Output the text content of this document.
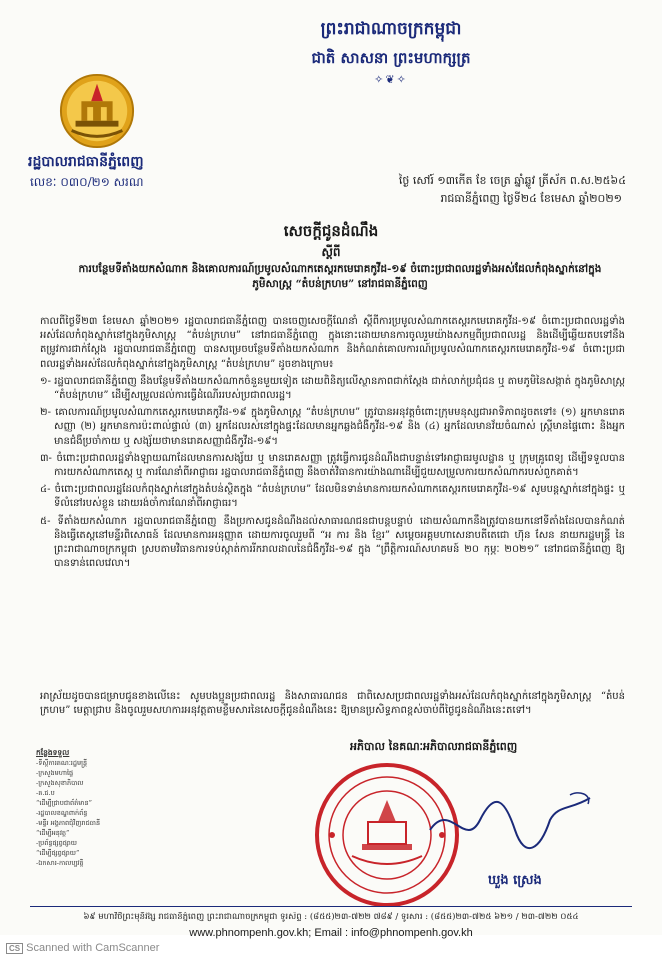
ព្រះរាជាណាចក្រកម្ពុជា
ជាតិ សាសនា ព្រះមហាក្សត្រ
✧❦✧
រដ្ឋបាលរាជធានីភ្នំពេញ
លេខៈ ០៣០/២១ សរណ	ថ្ងៃ សៅរ៍ ១៣កើត ខែ ចេត្រ ឆ្នាំឆ្លូវ ត្រីស័ក ព.ស.២៥៦៤
រាជធានីភ្នំពេញ ថ្ងៃទី២៤ ខែមេសា ឆ្នាំ២០២១
សេចក្តីជូនដំណឹង
ស្តីពី
ការបន្ថែមទីតាំងយកសំណាក និងគោលការណ៍ប្រមូលសំណាកតេស្តរកមេរោគកូវីដ-១៩ ចំពោះប្រជាពលរដ្ឋទាំងអស់ដែលកំពុងស្នាក់នៅក្នុងភូមិសាស្ត្រ “តំបន់ក្រហម” នៅរាជធានីភ្នំពេញ

កាលពីថ្ងៃទី២៣ ខែមេសា ឆ្នាំ២០២១ រដ្ឋបាលរាជធានីភ្នំពេញ បានចេញសេចក្តីណែនាំ ស្តីពីការប្រមូលសំណាកតេស្តរកមេរោគកូវីដ-១៩ ចំពោះប្រជាពលរដ្ឋទាំងអស់ដែលកំពុងស្នាក់នៅក្នុងភូមិសាស្ត្រ “តំបន់ក្រហម” នៅរាជធានីភ្នំពេញ ក្នុងនោះដោយមានការចូលរួមយ៉ាងសកម្មពីប្រជាពលរដ្ឋ និងដើម្បីឆ្លើយតបទៅនឹងតម្រូវការជាក់ស្តែង រដ្ឋបាលរាជធានីភ្នំពេញ បានសម្រេចបន្ថែមទីតាំងយកសំណាក និងកំណត់គោលការណ៍ប្រមូលសំណាកតេស្តរកមេរោគកូវីដ-១៩ ចំពោះប្រជាពលរដ្ឋទាំងអស់ដែលកំពុងស្នាក់នៅក្នុងភូមិសាស្ត្រ “តំបន់ក្រហម” ដូចខាងក្រោម៖

១- រដ្ឋបាលរាជធានីភ្នំពេញ នឹងបន្ថែមទីតាំងយកសំណាកចំនួនមួយទៀត ដោយពិនិត្យលើស្ថានភាពជាក់ស្តែង ជាក់លាក់ប្រជុំជន ឬ តាមភូមិនៃសង្កាត់ ក្នុងភូមិសាស្ត្រ “តំបន់ក្រហម” ដើម្បីសម្រួលដល់ការធ្វើដំណើររបស់ប្រជាពលរដ្ឋ។

២- គោលការណ៍ប្រមូលសំណាកតេស្តរកមេរោគកូវីដ-១៩ ក្នុងភូមិសាស្ត្រ “តំបន់ក្រហម” ត្រូវបានអនុវត្តចំពោះក្រុមមនុស្សជាអាទិភាពដូចតទៅ៖ (១) អ្នកមានរោគសញ្ញា (២) អ្នកមានការប៉ះពាល់ផ្ទាល់ (៣) អ្នកដែលរស់នៅក្នុងផ្ទះដែលមានអ្នកឆ្លងជំងឺកូវីដ-១៩ និង (៤) អ្នកដែលមានវ័យចំណាស់ ស្ត្រីមានផ្ទៃពោះ និងអ្នកមានជំងឺប្រចាំកាយ ឬ សង្ស័យថាមានរោគសញ្ញាជំងឺកូវីដ-១៩។

៣- ចំពោះប្រជាពលរដ្ឋទាំងឡាយណាដែលមានការសង្ស័យ ឬ មានរោគសញ្ញា ត្រូវធ្វើការជូនដំណឹងជាបន្ទាន់ទៅអាជ្ញាធរមូលដ្ឋាន ឬ ក្រុមគ្រូពេទ្យ ដើម្បីទទួលបានការយកសំណាកតេស្ត ឬ ការណែនាំពីអាជ្ញាធរ រដ្ឋបាលរាជធានីភ្នំពេញ នឹងចាត់វិធានការយ៉ាងណាដើម្បីជួយសម្រួលការយកសំណាករបស់ពួកគាត់។

៤- ចំពោះប្រជាពលរដ្ឋដែលកំពុងស្នាក់នៅក្នុងតំបន់ស្ថិតក្នុង “តំបន់ក្រហម” ដែលមិនទាន់មានការយកសំណាកតេស្តរកមេរោគកូវីដ-១៩ សូមបន្តស្នាក់នៅក្នុងផ្ទះ ឬ ទីលំនៅរបស់ខ្លួន ដោយរង់ចាំការណែនាំពីអាជ្ញាធរ។

៥- ទីតាំងយកសំណាក រដ្ឋបាលរាជធានីភ្នំពេញ នឹងប្រកាសជូនដំណឹងដល់សាធារណជនជាបន្តបន្ទាប់ ដោយសំណាកនឹងត្រូវបានយកនៅទីតាំងដែលបានកំណត់ និងធ្វើតេស្តនៅមន្ទីរពិសោធន៍ ដែលមានការអនុញ្ញាត ដោយការចូលរួមពី “អ ការ និង ខ្មែរ” សម្តេចអគ្គមហាសេនាបតីតេជោ ហ៊ុន សែន នាយករដ្ឋមន្ត្រី នៃព្រះរាជាណាចក្រកម្ពុជា ស្របតាមវិធានការទប់ស្កាត់ការរីករាលដាលនៃជំងឺកូវីដ-១៩ ក្នុង “ព្រឹត្តិការណ៍សហគមន៍ ២០ កុម្ភៈ ២០២១” នៅរាជធានីភ្នំពេញ ឱ្យបានទាន់ពេលវេលា។

អាស្រ័យដូចបានជម្រាបជូនខាងលើនេះ សូមបងប្អូនប្រជាពលរដ្ឋ និងសាធារណជន ជាពិសេសប្រជាពលរដ្ឋទាំងអស់ដែលកំពុងស្នាក់នៅក្នុងភូមិសាស្ត្រ “តំបន់ក្រហម” មេត្តាជ្រាប និងចូលរួមសហការអនុវត្តតាមខ្លឹមសារនៃសេចក្តីជូនដំណឹងនេះ ឱ្យមានប្រសិទ្ធភាពខ្ពស់ចាប់ពីថ្ងៃជូនដំណឹងនេះតទៅ។
កន្លែងទទួល
-ទីស្តីការគណៈរដ្ឋមន្ត្រី
-ក្រសួងមហាផ្ទៃ
-ក្រសួងសុខាភិបាល
-គ.ជ.ប
“ដើម្បីជ្រាបជាព័ត៌មាន”
-រដ្ឋបាលខណ្ឌពាក់ព័ន្ធ
-មន្ទីរ អង្គភាពជុំវិញរាជធានី
“ដើម្បីអនុវត្ត”
-ប្រព័ន្ធផ្សព្វផ្សាយ
“ដើម្បីផ្សព្វផ្សាយ”
-ឯកសារ-កាលប្បវត្តិ
អភិបាល នៃគណៈអភិបាលរាជធានីភ្នំពេញ
ឃួង ស្រេង
៦៩ មហាវិថីព្រះមុនីវង្ស រាជធានីភ្នំពេញ ព្រះរាជាណាចក្រកម្ពុជា ទូរស័ព្ទ : (៨៥៥)២៣-៧២២ ៧៨៩ / ទូរសារ : (៨៥៥)២៣-៧២៥ ៦២១ / ២៣-៧២២ ០៥៤
www.phnompenh.gov.kh; Email : info@phnompenh.gov.kh
CS Scanned with CamScanner
